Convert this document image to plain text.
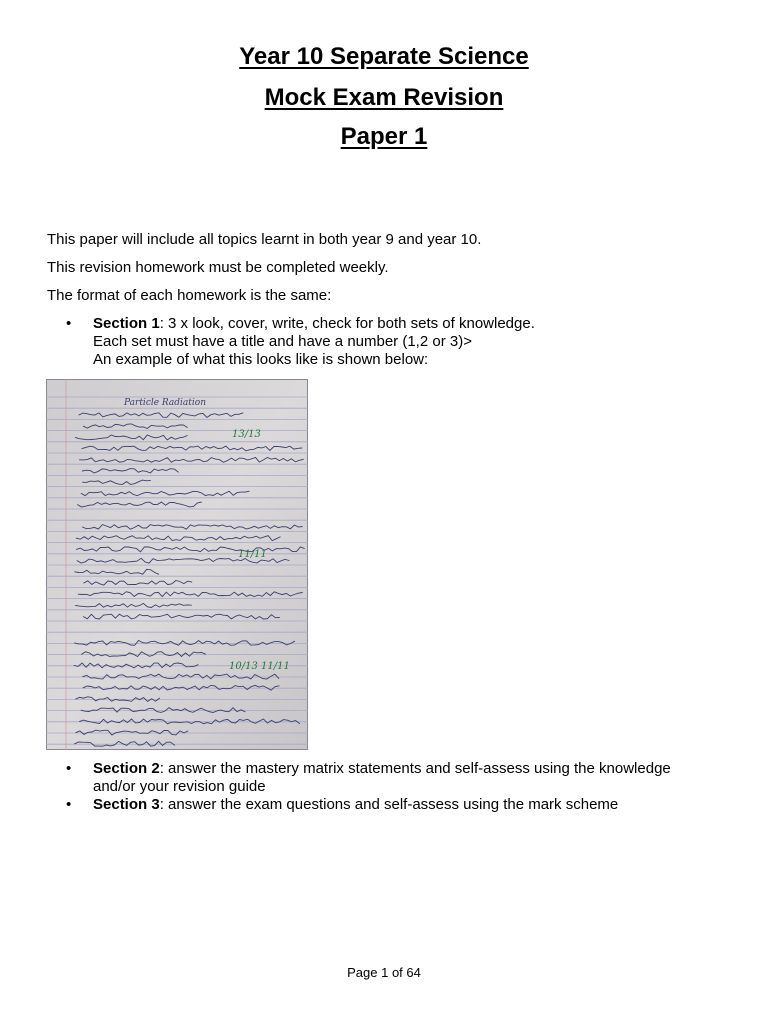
Year 10 Separate Science
Mock Exam Revision
Paper 1

This paper will include all topics learnt in both year 9 and year 10.

This revision homework must be completed weekly.

The format of each homework is the same:

• Section 1: 3 x look, cover, write, check for both sets of knowledge.
Each set must have a title and have a number (1,2 or 3)>
An example of what this looks like is shown below:
Particle Radiation
13/13
11/11
10/13 11/11
• Section 2: answer the mastery matrix statements and self-assess using the knowledge
and/or your revision guide
• Section 3: answer the exam questions and self-assess using the mark scheme
Page 1 of 64
